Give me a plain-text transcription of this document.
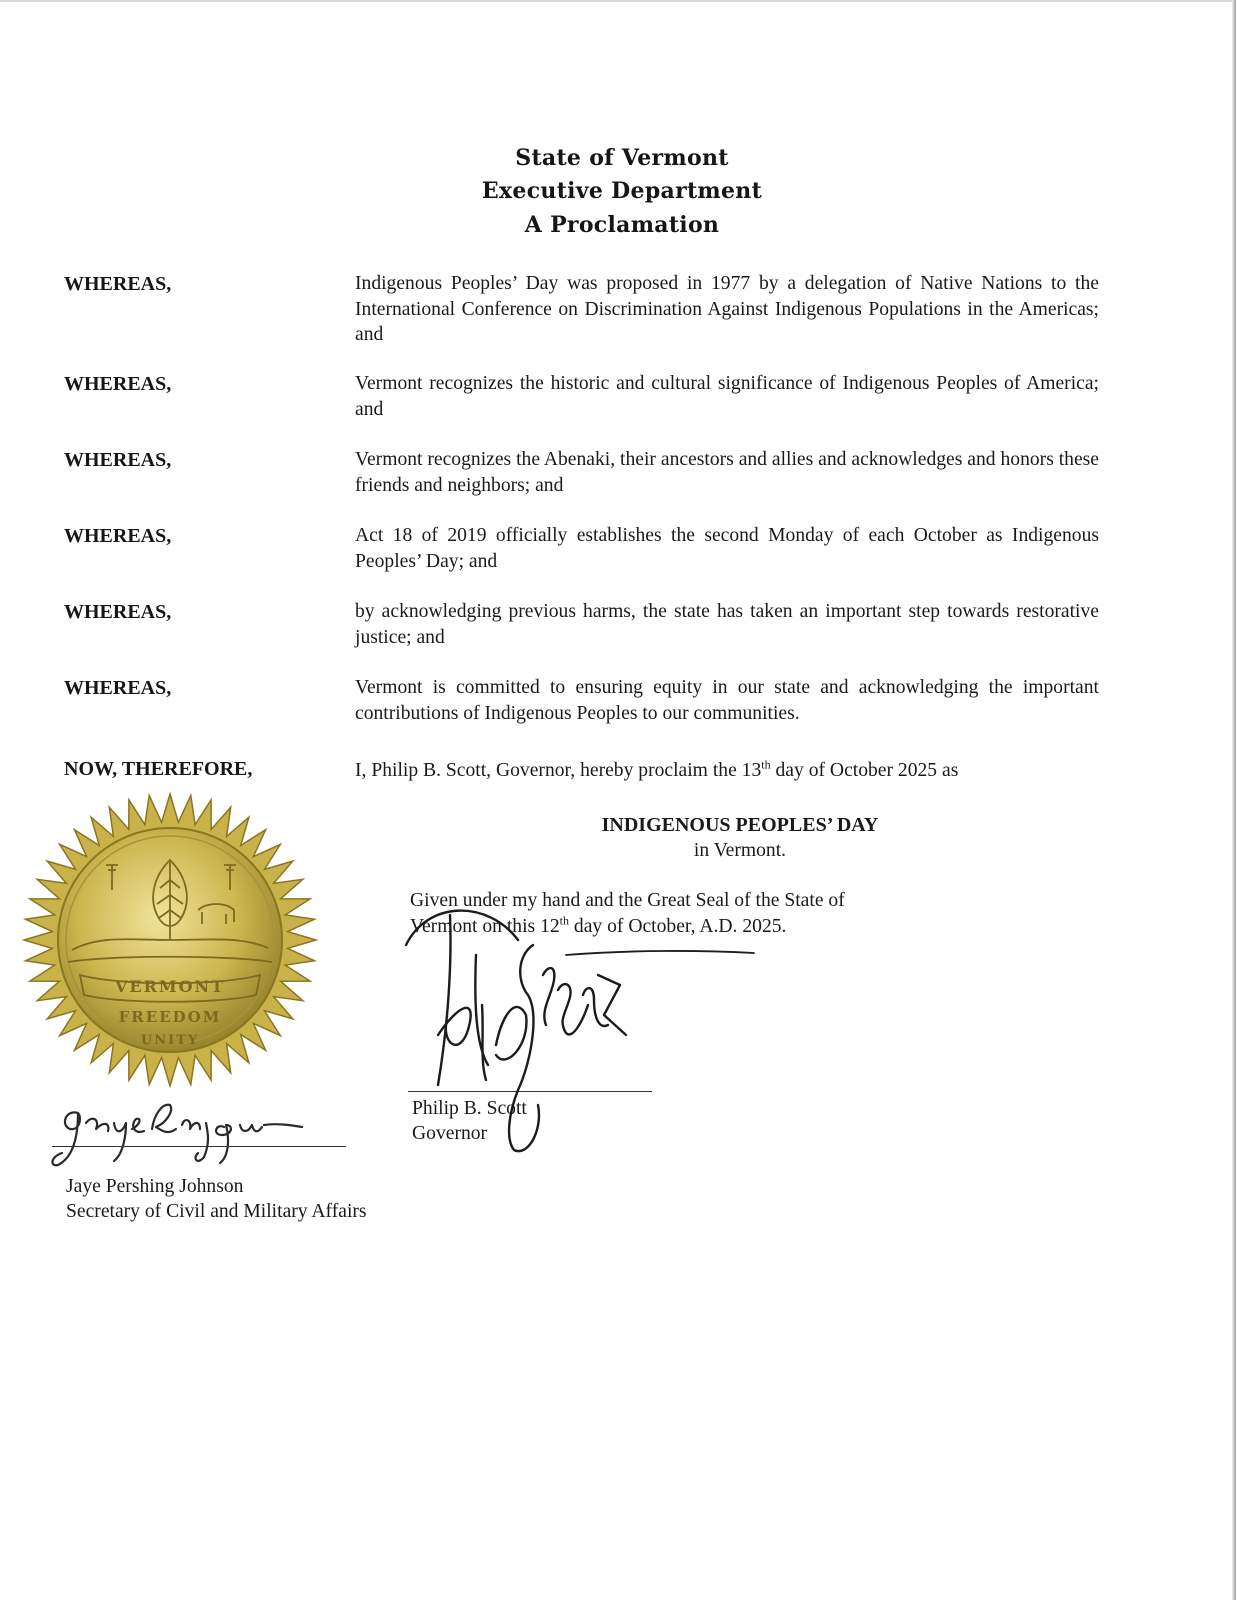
State of Vermont
Executive Department
A Proclamation
WHEREAS,	Indigenous Peoples’ Day was proposed in 1977 by a delegation of Native Nations to the International Conference on Discrimination Against Indigenous Populations in the Americas; and
WHEREAS,	Vermont recognizes the historic and cultural significance of Indigenous Peoples of America; and
WHEREAS,	Vermont recognizes the Abenaki, their ancestors and allies and acknowledges and honors these friends and neighbors; and
WHEREAS,	Act 18 of 2019 officially establishes the second Monday of each October as Indigenous Peoples’ Day; and
WHEREAS,	by acknowledging previous harms, the state has taken an important step towards restorative justice; and
WHEREAS,	Vermont is committed to ensuring equity in our state and acknowledging the important contributions of Indigenous Peoples to our communities.
NOW, THEREFORE,	I, Philip B. Scott, Governor, hereby proclaim the 13th day of October 2025 as
INDIGENOUS PEOPLES’ DAY
in Vermont.
Given under my hand and the Great Seal of the State of
Vermont on this 12th day of October, A.D. 2025.
Philip B. Scott
Governor
VERMONT
FREEDOM
UNITY
Jaye Pershing Johnson
Secretary of Civil and Military Affairs
